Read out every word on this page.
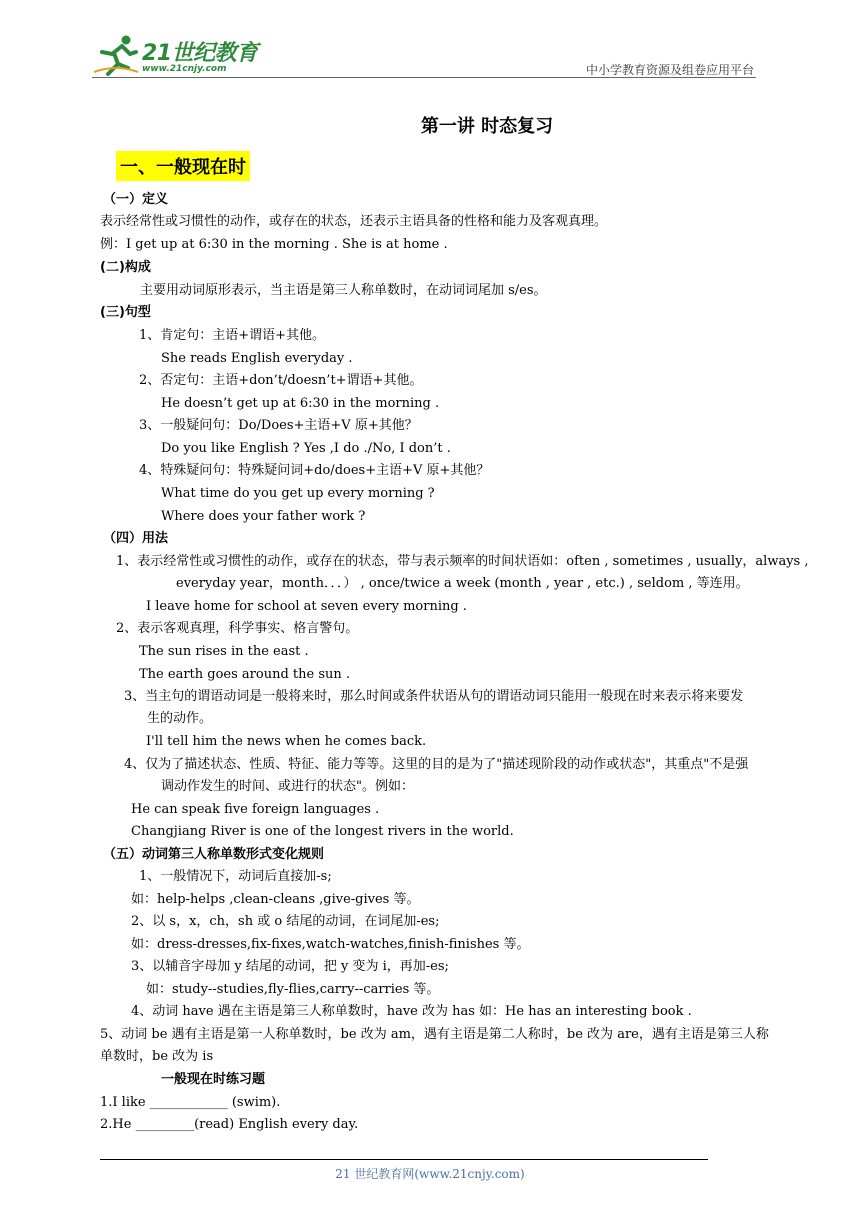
21世纪教育
www.21cnjy.com	中小学教育资源及组卷应用平台
第一讲 时态复习
一、一般现在时
（一）定义
表示经常性或习惯性的动作，或存在的状态，还表示主语具备的性格和能力及客观真理。
例：I get up at 6:30 in the morning . She is at home .
(二)构成
主要用动词原形表示，当主语是第三人称单数时，在动词词尾加 s/es。
(三)句型
1、肯定句：主语+谓语+其他。
She reads English everyday .
2、否定句：主语+don’t/doesn’t+谓语+其他。
He doesn’t get up at 6:30 in the morning .
3、一般疑问句：Do/Does+主语+V 原+其他？
Do you like English ? Yes ,I do ./No, I don’t .
4、特殊疑问句：特殊疑问词+do/does+主语+V 原+其他？
What time do you get up every morning ?
Where does your father work ?
（四）用法
1、表示经常性或习惯性的动作，或存在的状态，带与表示频率的时间状语如：often , sometimes , usually，always ,
everyday year，month．．．） , once/twice a week (month , year , etc.) , seldom , 等连用。
I leave home for school at seven every morning .
2、表示客观真理，科学事实、格言警句。
The sun rises in the east .
The earth goes around the sun .
3、当主句的谓语动词是一般将来时，那么时间或条件状语从句的谓语动词只能用一般现在时来表示将来要发
生的动作。
I'll tell him the news when he comes back.
4、仅为了描述状态、性质、特征、能力等等。这里的目的是为了"描述现阶段的动作或状态"，其重点"不是强
调动作发生的时间、或进行的状态"。例如：
He can speak five foreign languages .
Changjiang River is one of the longest rivers in the world.
（五）动词第三人称单数形式变化规则
1、一般情况下，动词后直接加-s;
如：help-helps ,clean-cleans ,give-gives 等。
2、以 s，x，ch，sh 或 o 结尾的动词，在词尾加-es;
如：dress-dresses,fix-fixes,watch-watches,finish-finishes 等。
3、以辅音字母加 y 结尾的动词，把 y 变为 i，再加-es;
如：study--studies,fly-flies,carry--carries 等。
4、动词 have 遇在主语是第三人称单数时，have 改为 has 如：He has an interesting book .
5、动词 be 遇有主语是第一人称单数时，be 改为 am，遇有主语是第二人称时，be 改为 are，遇有主语是第三人称
单数时，be 改为 is
一般现在时练习题
1.I like ____________ (swim).
2.He _________(read) English every day.
21 世纪教育网(www.21cnjy.com)
